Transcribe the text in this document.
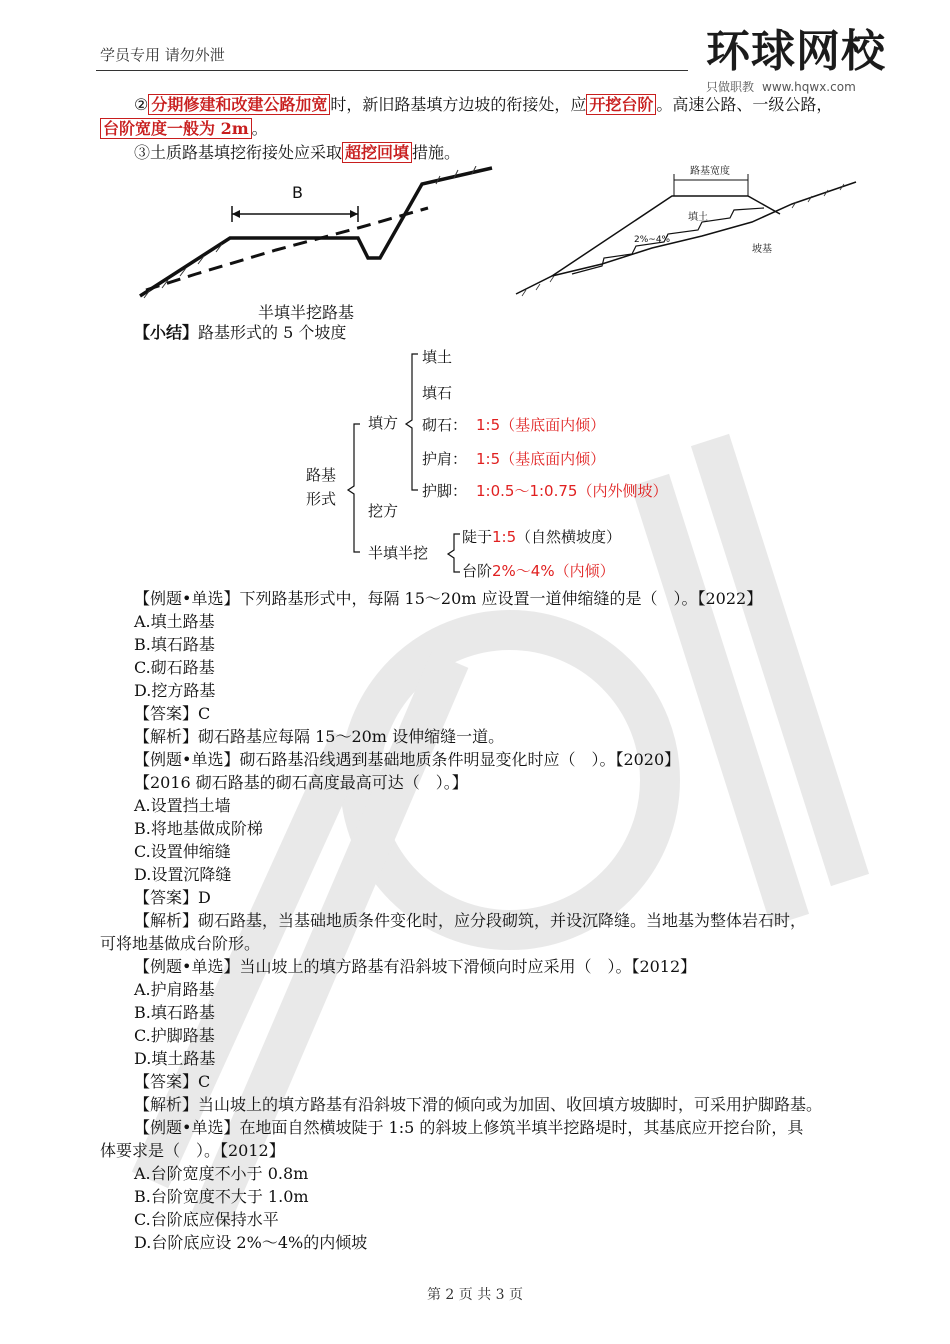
学员专用 请勿外泄	环球网校
只做职教 www.hqwx.com
② 分期修建和改建公路加宽 时，新旧路基填方边坡的衔接处，应 开挖台阶 。高速公路、一级公路，
台阶宽度一般为 2m 。
③土质路基填挖衔接处应采取 超挖回填 措施。
B
半填半挖路基
路基宽度
填土
2%~4%
坡基
【小结】路基形式的 5 个坡度
路基
形式
填方
挖方
半填半挖
填土
填石
砌石： 1:5（基底面内倾）
护肩： 1:5（基底面内倾）
护脚： 1:0.5～1:0.75（内外侧坡）
陡于 1:5 （自然横坡度）
台阶 2%～4%（内倾）
【例题•单选】下列路基形式中，每隔 15～20m 应设置一道伸缩缝的是（　）。【2022】
A.填土路基
B.填石路基
C.砌石路基
D.挖方路基
【答案】C
【解析】砌石路基应每隔 15～20m 设伸缩缝一道。
【例题•单选】砌石路基沿线遇到基础地质条件明显变化时应（　）。【2020】
【2016 砌石路基的砌石高度最高可达（　）。】
A.设置挡土墙
B.将地基做成阶梯
C.设置伸缩缝
D.设置沉降缝
【答案】D
【解析】砌石路基，当基础地质条件变化时，应分段砌筑，并设沉降缝。当地基为整体岩石时，
可将地基做成台阶形。
【例题•单选】当山坡上的填方路基有沿斜坡下滑倾向时应采用（　）。【2012】
A.护肩路基
B.填石路基
C.护脚路基
D.填土路基
【答案】C
【解析】当山坡上的填方路基有沿斜坡下滑的倾向或为加固、收回填方坡脚时，可采用护脚路基。
【例题•单选】在地面自然横坡陡于 1:5 的斜坡上修筑半填半挖路堤时，其基底应开挖台阶，具
体要求是（　）。【2012】
A.台阶宽度不小于 0.8m
B.台阶宽度不大于 1.0m
C.台阶底应保持水平
D.台阶底应设 2%～4%的内倾坡
第 2 页 共 3 页
